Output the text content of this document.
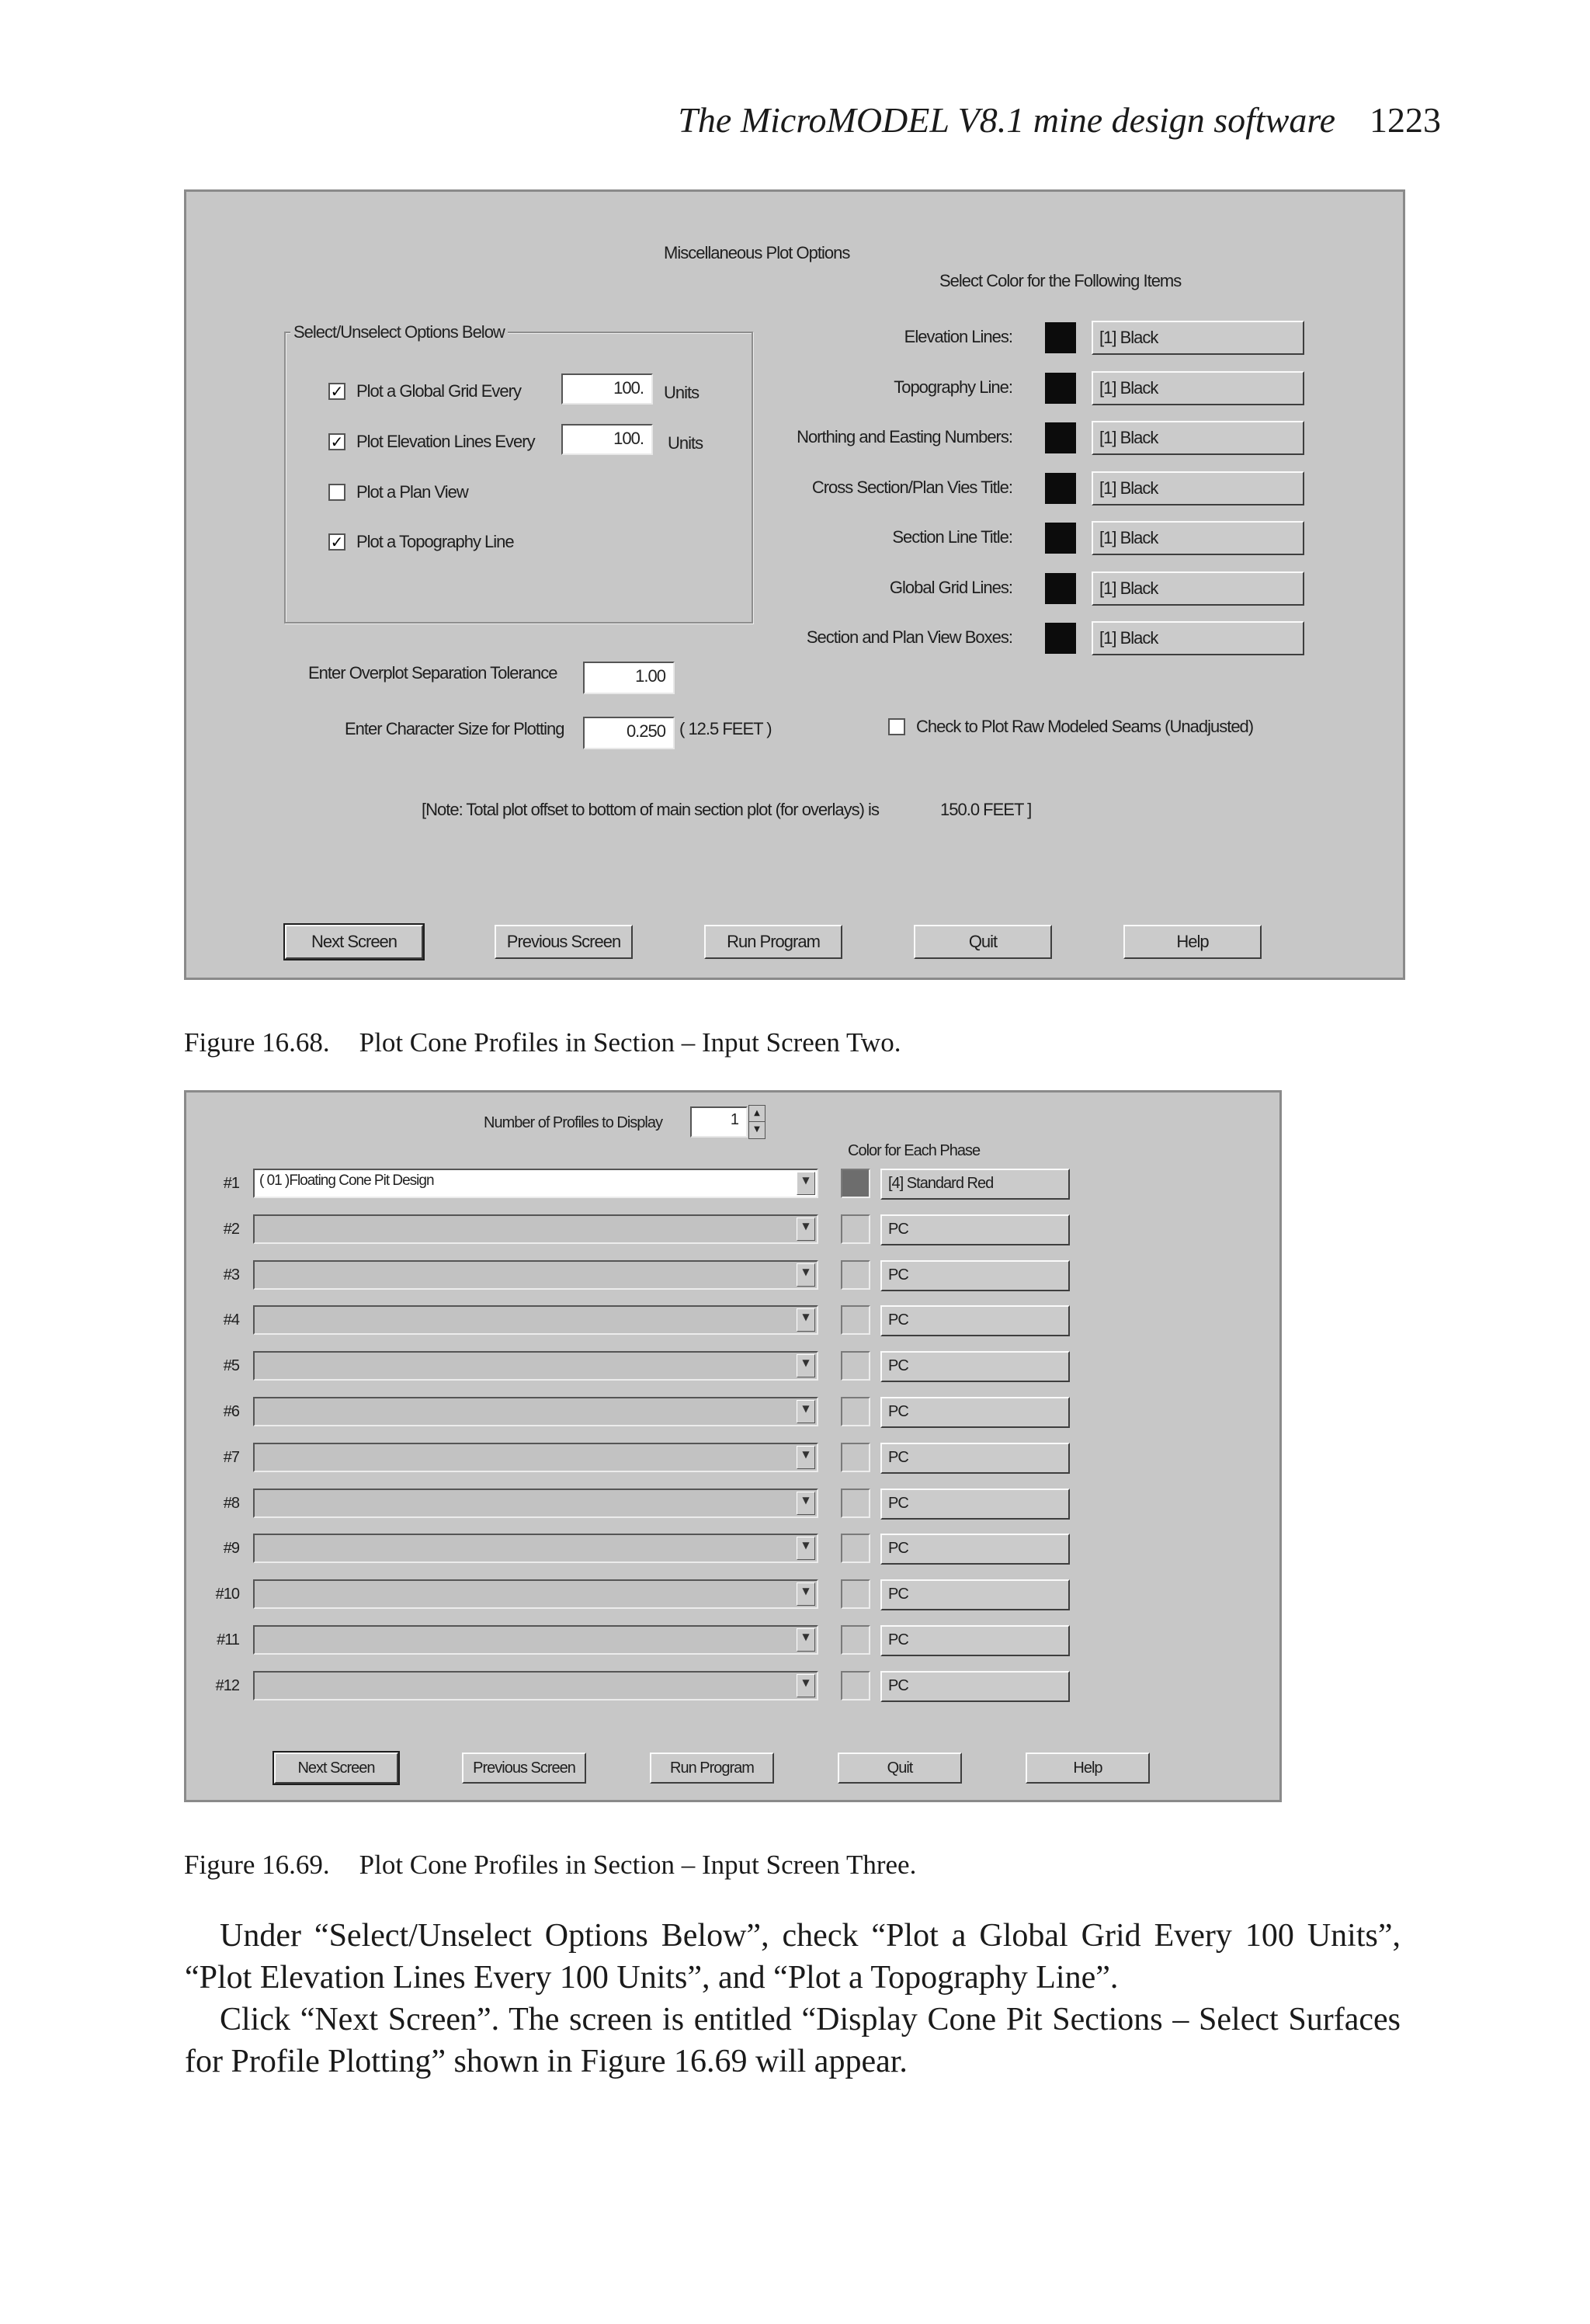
The MicroMODEL V8.1 mine design software 1223
Miscellaneous Plot Options
Select Color for the Following Items
Select/Unselect Options Below
✓ Plot a Global Grid Every	100.	Units
✓ Plot Elevation Lines Every	100.	Units
Plot a Plan View
✓ Plot a Topography Line
Elevation Lines:	[1] Black
Topography Line:	[1] Black
Northing and Easting Numbers:	[1] Black
Cross Section/Plan Vies Title:	[1] Black
Section Line Title:	[1] Black
Global Grid Lines:	[1] Black
Section and Plan View Boxes:	[1] Black
Enter Overplot Separation Tolerance	1.00
Enter Character Size for Plotting	0.250 ( 12.5 FEET )	Check to Plot Raw Modeled Seams (Unadjusted)
[Note: Total plot offset to bottom of main section plot (for overlays) is	150.0 FEET ]
Next Screen	Previous Screen	Run Program	Quit	Help
Figure 16.68. Plot Cone Profiles in Section – Input Screen Two.
Number of Profiles to Display	1	▲
▼
Color for Each Phase
#1 ( 01 )Floating Cone Pit Design	▼	[4] Standard Red
#2	▼	PC
#3	▼	PC
#4	▼	PC
#5	▼	PC
#6	▼	PC
#7	▼	PC
#8	▼	PC
#9	▼	PC
#10	▼	PC
#11	▼	PC
#12	▼	PC
Next Screen	Previous Screen	Run Program	Quit	Help
Figure 16.69. Plot Cone Profiles in Section – Input Screen Three.

Under “Select/Unselect Options Below”, check “Plot a Global Grid Every 100 Units”, “Plot Elevation Lines Every 100 Units”, and “Plot a Topography Line”.

Click “Next Screen”. The screen is entitled “Display Cone Pit Sections – Select Surfaces for Profile Plotting” shown in Figure 16.69 will appear.
